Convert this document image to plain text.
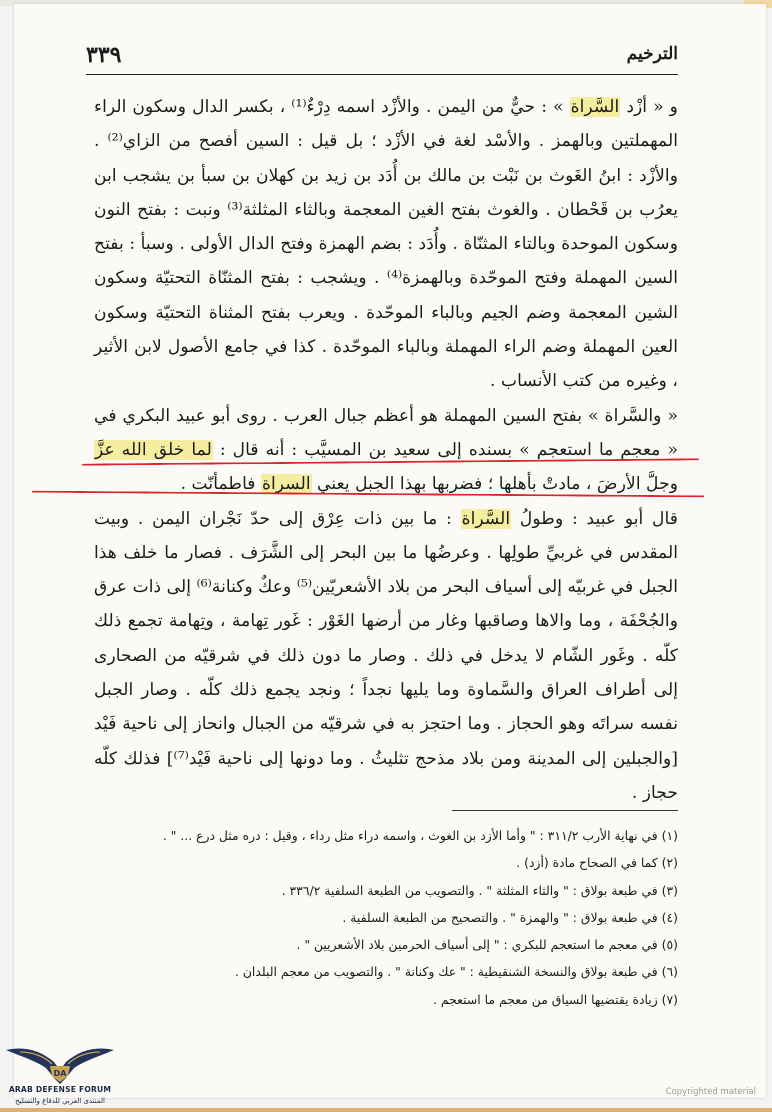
الترخيم
٣٣٩

و « أزْد السَّراة » : حيٌّ من اليمن . والأزْد اسمه دِرْءٌ⁽¹⁾ ، بكسر الدال وسكون الراء المهملتين وبالهمز . والأسْد لغة في الأزْد ؛ بل قيل : السين أفصح من الزاي⁽²⁾ . والأزْد : ابنُ الغَوث بن نَبْت بن مالك بن أُدَد بن زيد بن كهلان بن سبأ بن يشجب ابن يعرُب بن قَحْطان . والغوث بفتح الغين المعجمة وبالثاء المثلثة⁽³⁾ ونبت : بفتح النون وسكون الموحدة وبالتاء المثنّاة . وأُدَد : بضم الهمزة وفتح الدال الأولى . وسبأ : بفتح السين المهملة وفتح الموحّدة وبالهمزة⁽⁴⁾ . ويشجب : بفتح المثنّاة التحتيّة وسكون الشين المعجمة وضم الجيم وبالباء الموحّدة . ويعرب بفتح المثناة التحتيّة وسكون العين المهملة وضم الراء المهملة وبالباء الموحّدة . كذا في جامع الأصول لابن الأثير ، وغيره من كتب الأنساب .

« والسَّراة » بفتح السين المهملة هو أعظم جبال العرب . روى أبو عبيد البكري في « معجم ما استعجم » بسنده إلى سعيد بن المسيَّب : أنه قال : لما خلق الله عزَّ وجلَّ الأرضَ ، مادتْ بأهلها ؛ فضربها بهذا الجبل يعني السراة فاطمأنّت .

قال أبو عبيد : وطولُ السَّراة : ما بين ذات عِرْق إلى حدّ نَجْران اليمن . وبيت المقدس في غربيِّ طولِها . وعرضُها ما بين البحر إلى الشَّرَف . فصار ما خلف هذا الجبل في غربيّه إلى أسياف البحر من بلاد الأشعريّين⁽⁵⁾ وعكٌ وكنانة⁽⁶⁾ إلى ذات عرق والجُحْفَة ، وما والاها وصاقبها وغار من أرضها الغَوْر : غَور تِهامة ، وتِهامة تجمع ذلك كلّه . وغَور الشّام لا يدخل في ذلك . وصار ما دون ذلك في شرقيّه من الصحارى إلى أطراف العراق والسَّماوة وما يليها نجداً ؛ ونجد يجمع ذلك كلّه . وصار الجبل نفسه سراتَه وهو الحجاز . وما احتجز به في شرقيّه من الجبال وانحاز إلى ناحية فَيْد [والجبلين إلى المدينة ومن بلاد مذحج تثليثُ . وما دونها إلى ناحية فَيْد⁽⁷⁾] فذلك كلّه حجاز .

(١) في نهاية الأرب ٣١١/٢ : " وأما الأزد بن الغوث ، واسمه دراء مثل رداء ، وقيل : دره مثل درع ... " .

(٢) كما في الصحاح مادة (أزد) .

(٣) في طبعة بولاق : " والثاء المثلثة " . والتصويب من الطبعة السلفية ٣٣٦/٢ .

(٤) في طبعة بولاق : " والهمزة " . والتصحيح من الطبعة السلفية .

(٥) في معجم ما استعجم للبكري : " إلى أسياف الحرمين بلاد الأشعريين " .

(٦) في طبعة بولاق والنسخة الشنقيطية : " عك وكنانة " . والتصويب من معجم البلدان .

(٧) زيادة يقتضيها السياق من معجم ما استعجم .

Copyrighted material
DA
ARAB DEFENSE FORUM
المنتدى العربي للدفاع والتسليح
